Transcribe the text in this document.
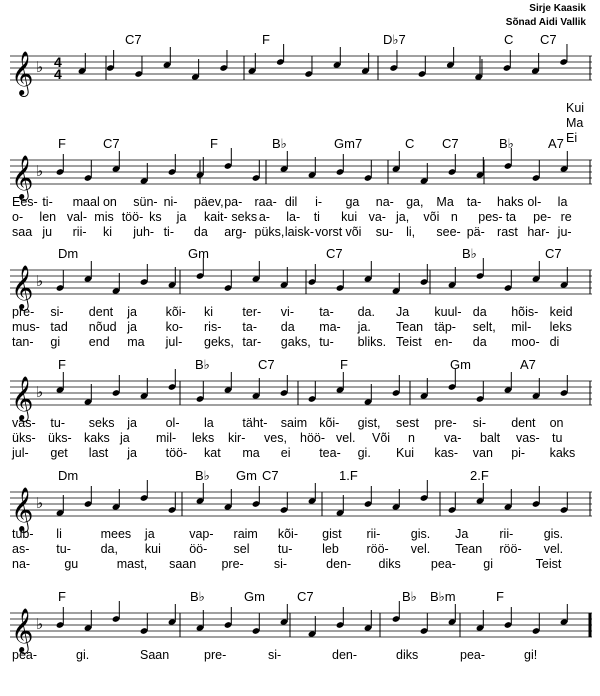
Sirje Kaasik
Sõnad Aidi Vallik
𝄞 ♭ 4
4
C7	F	D♭7	C C7
Kui
Ma
Ei
𝄞 ♭
F	C7	F	B♭	Gm7	C C7	B♭	A7
Ees- ti- maal on sün- ni- päev, pa- raa- dil i- ga na- ga, Ma ta- haks ol- la
o- len val- mis töö- ks ja kait- seks a- la- ti kui va- ja, või n pes- ta pe- re
saa ju rii- ki juh- ti- da arg- püks, laisk- vorst või su- li, see- pä- rast har- ju-
𝄞 ♭
Dm	Gm	C7	B♭	C7
pre- si- dent ja kõi- ki ter- vi- ta- da. Ja kuul- da hõis- keid
mus- tad nõud ja ko- ris- ta- da ma- ja. Tean täp- selt, mil- leks
tan- gi end ma jul- geks, tar- gaks, tu- bliks. Teist en- da moo- di
𝄞 ♭
F	B♭	C7	F	Gm	A7
vas- tu- seks ja ol- la täht- saim kõi- gist, sest pre- si- dent on
üks- üks- kaks ja mil- leks kir- ves, höö- vel. Või n va- balt vas- tu
jul- get last ja töö- kat ma ei tea- gi. Kui kas- van pi- kaks
𝄞 ♭
Dm	B♭ Gm C7	1.F	2.F
tub- li	mees ja	vap- raim kõi- gist rii- gis. Ja rii- gis.
as- tu- da, kui öö- sel tu- leb röö- vel. Tean röö- vel.
na-	gu	mast, saan pre- si-	den- diks pea- gi	Teist
𝄞 ♭
F	B♭	Gm C7	B♭ B♭m	F
pea-	gi.	Saan	pre-	si-	den-	diks	pea-	gi!
